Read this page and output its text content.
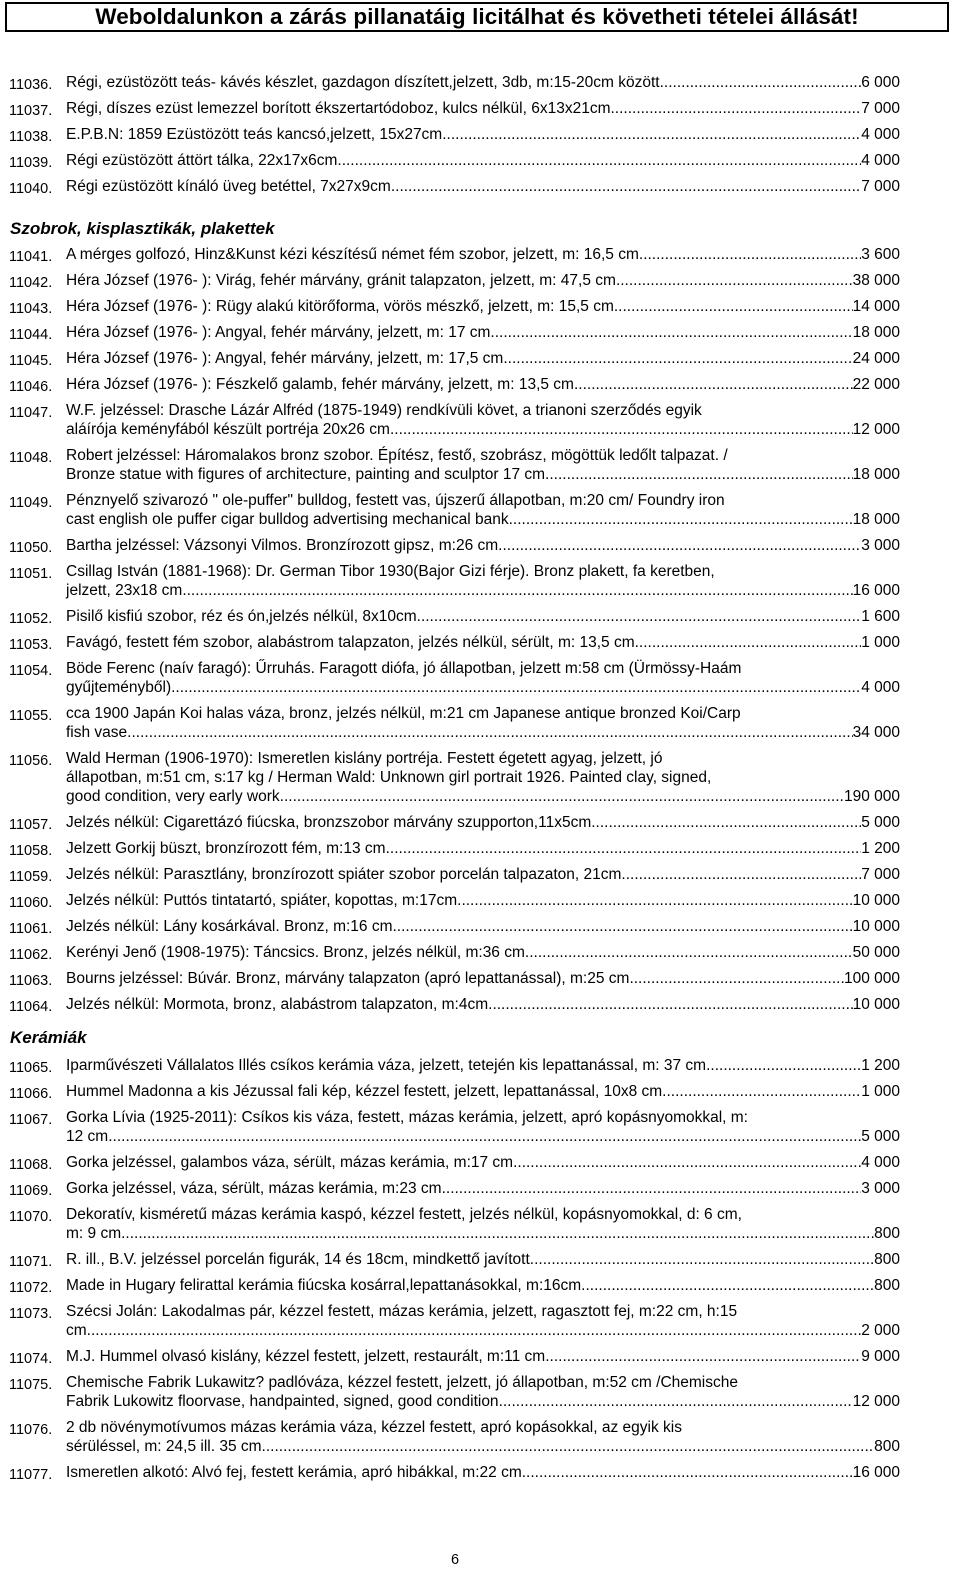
Weboldalunkon a zárás pillanatáig licitálhat és követheti tételei állását!
11036. Régi, ezüstözött teás- kávés készlet, gazdagon díszített,jelzett, 3db, m:15-20cm között .....	6 000
11037. Régi, díszes ezüst lemezzel borított ékszertartódoboz, kulcs nélkül, 6x13x21cm .....	7 000
11038. E.P.B.N: 1859 Ezüstözött teás kancsó,jelzett, 15x27cm .....	4 000
11039. Régi ezüstözött áttört tálka, 22x17x6cm .....	4 000
11040. Régi ezüstözött kínáló üveg betéttel, 7x27x9cm .....	7 000
Szobrok, kisplasztikák, plakettek
11041. A mérges golfozó, Hinz&Kunst kézi készítésű német fém szobor, jelzett, m: 16,5 cm .....	3 600
11042. Héra József (1976- ): Virág, fehér márvány, gránit talapzaton, jelzett, m: 47,5 cm .....	38 000
11043. Héra József (1976- ): Rügy alakú kitörőforma, vörös mészkő, jelzett, m: 15,5 cm .....	14 000
11044. Héra József (1976- ): Angyal, fehér márvány, jelzett, m: 17 cm .....	18 000
11045. Héra József (1976- ): Angyal, fehér márvány, jelzett, m: 17,5 cm .....	24 000
11046. Héra József (1976- ): Fészkelő galamb, fehér márvány, jelzett, m: 13,5 cm .....	22 000
11047. W.F. jelzéssel: Drasche Lázár Alfréd (1875-1949) rendkívüli követ, a trianoni szerződés egyik
aláírója keményfából készült portréja 20x26 cm .....	12 000
11048. Robert jelzéssel: Háromalakos bronz szobor. Építész, festő, szobrász, mögöttük ledőlt talpazat. /
Bronze statue with figures of architecture, painting and sculptor 17 cm .....	18 000
11049. Pénznyelő szivarozó " ole-puffer" bulldog, festett vas, újszerű állapotban, m:20 cm/ Foundry iron
cast english ole puffer cigar bulldog advertising mechanical bank .....	18 000
11050. Bartha jelzéssel: Vázsonyi Vilmos. Bronzírozott gipsz, m:26 cm .....	3 000
11051. Csillag István (1881-1968): Dr. German Tibor 1930(Bajor Gizi férje). Bronz plakett, fa keretben,
jelzett, 23x18 cm .....	16 000
11052. Pisilő kisfiú szobor, réz és ón,jelzés nélkül, 8x10cm .....	1 600
11053. Favágó, festett fém szobor, alabástrom talapzaton, jelzés nélkül, sérült, m: 13,5 cm .....	1 000
11054. Böde Ferenc (naív faragó): Űrruhás. Faragott diófa, jó állapotban, jelzett m:58 cm (Ürmössy-Haám
gyűjteményből) .....	4 000
11055. cca 1900 Japán Koi halas váza, bronz, jelzés nélkül, m:21 cm Japanese antique bronzed Koi/Carp
fish vase .....	34 000
11056. Wald Herman (1906-1970): Ismeretlen kislány portréja. Festett égetett agyag, jelzett, jó
állapotban, m:51 cm, s:17 kg / Herman Wald: Unknown girl portrait 1926. Painted clay, signed,
good condition, very early work .....	190 000
11057. Jelzés nélkül: Cigarettázó fiúcska, bronzszobor márvány szupporton,11x5cm .....	5 000
11058. Jelzett Gorkij büszt, bronzírozott fém, m:13 cm .....	1 200
11059. Jelzés nélkül: Parasztlány, bronzírozott spiáter szobor porcelán talpazaton, 21cm .....	7 000
11060. Jelzés nélkül: Puttós tintatartó, spiáter, kopottas, m:17cm .....	10 000
11061. Jelzés nélkül: Lány kosárkával. Bronz, m:16 cm .....	10 000
11062. Kerényi Jenő (1908-1975): Táncsics. Bronz, jelzés nélkül, m:36 cm .....	50 000
11063. Bourns jelzéssel: Búvár. Bronz, márvány talapzaton (apró lepattanással), m:25 cm .....	100 000
11064. Jelzés nélkül: Mormota, bronz, alabástrom talapzaton, m:4cm .....	10 000
Kerámiák
11065. Iparművészeti Vállalatos Illés csíkos kerámia váza, jelzett, tetején kis lepattanással, m: 37 cm .....	1 200
11066. Hummel Madonna a kis Jézussal fali kép, kézzel festett, jelzett, lepattanással, 10x8 cm .....	1 000
11067. Gorka Lívia (1925-2011): Csíkos kis váza, festett, mázas kerámia, jelzett, apró kopásnyomokkal, m:
12 cm .....	5 000
11068. Gorka jelzéssel, galambos váza, sérült, mázas kerámia, m:17 cm .....	4 000
11069. Gorka jelzéssel, váza, sérült, mázas kerámia, m:23 cm .....	3 000
11070. Dekoratív, kisméretű mázas kerámia kaspó, kézzel festett, jelzés nélkül, kopásnyomokkal, d: 6 cm,
m: 9 cm .....	800
11071. R. ill., B.V. jelzéssel porcelán figurák, 14 és 18cm, mindkettő javított .....	800
11072. Made in Hugary felirattal kerámia fiúcska kosárral,lepattanásokkal, m:16cm .....	800
11073. Szécsi Jolán: Lakodalmas pár, kézzel festett, mázas kerámia, jelzett, ragasztott fej, m:22 cm, h:15
cm .....	2 000
11074. M.J. Hummel olvasó kislány, kézzel festett, jelzett, restaurált, m:11 cm .....	9 000
11075. Chemische Fabrik Lukawitz? padlóváza, kézzel festett, jelzett, jó állapotban, m:52 cm /Chemische
Fabrik Lukowitz floorvase, handpainted, signed, good condition .....	12 000
11076. 2 db növénymotívumos mázas kerámia váza, kézzel festett, apró kopásokkal, az egyik kis
sérüléssel, m: 24,5 ill. 35 cm .....	800
11077. Ismeretlen alkotó: Alvó fej, festett kerámia, apró hibákkal, m:22 cm .....	16 000
6
